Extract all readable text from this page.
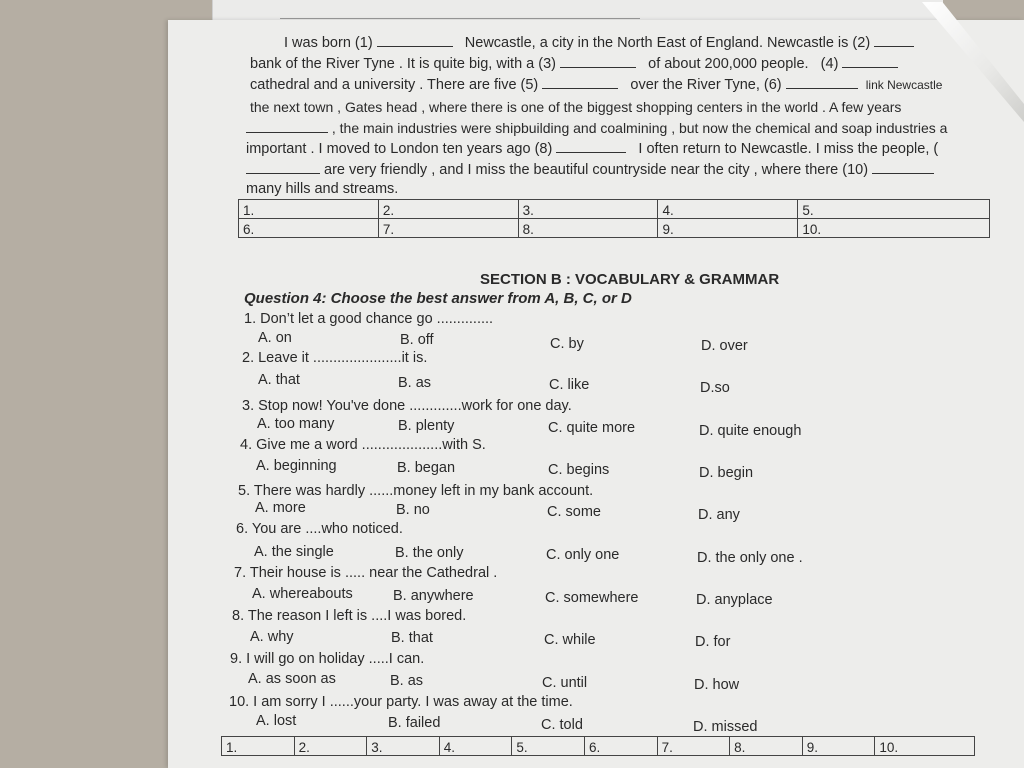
I was born (1)	Newcastle, a city in the North East of England. Newcastle is (2)
bank of the River Tyne . It is quite big, with a (3)	of about 200,000 people. (4)
cathedral and a university . There are five (5)	over the River Tyne, (6)	link Newcastle
the next town , Gates head , where there is one of the biggest shopping centers in the world . A few years
, the main industries were shipbuilding and coalmining , but now the chemical and soap industries a
important . I moved to London ten years ago (8)	I often return to Newcastle. I miss the people, (
are very friendly , and I miss the beautiful countryside near the city , where there (10)
many hills and streams.
1.	2.	3.	4.	5.
6.	7.	8.	9.	10.
SECTION B : VOCABULARY & GRAMMAR
Question 4: Choose the best answer from A, B, C, or D
1. Don’t let a good chance go ..............
A. on	B. off	C. by	D. over
2. Leave it ......................it is.
A. that	B. as	C. like	D.so
3. Stop now! You've done .............work for one day.
A. too many	B. plenty	C. quite more	D. quite enough
4. Give me a word ....................with S.
A. beginning	B. began	C. begins	D. begin
5. There was hardly ......money left in my bank account.
A. more	B. no	C. some	D. any
6. You are ....who noticed.
A. the single	B. the only	C. only one	D. the only one .
7. Their house is ..... near the Cathedral .
A. whereabouts	B. anywhere	C. somewhere	D. anyplace
8. The reason I left is ....I was bored.
A. why	B. that	C. while	D. for
9. I will go on holiday .....I can.
A. as soon as	B. as	C. until	D. how
10. I am sorry I ......your party. I was away at the time.
A. lost	B. failed	C. told	D. missed
1.	2.	3.	4.	5.	6.	7.	8.	9.	10.
